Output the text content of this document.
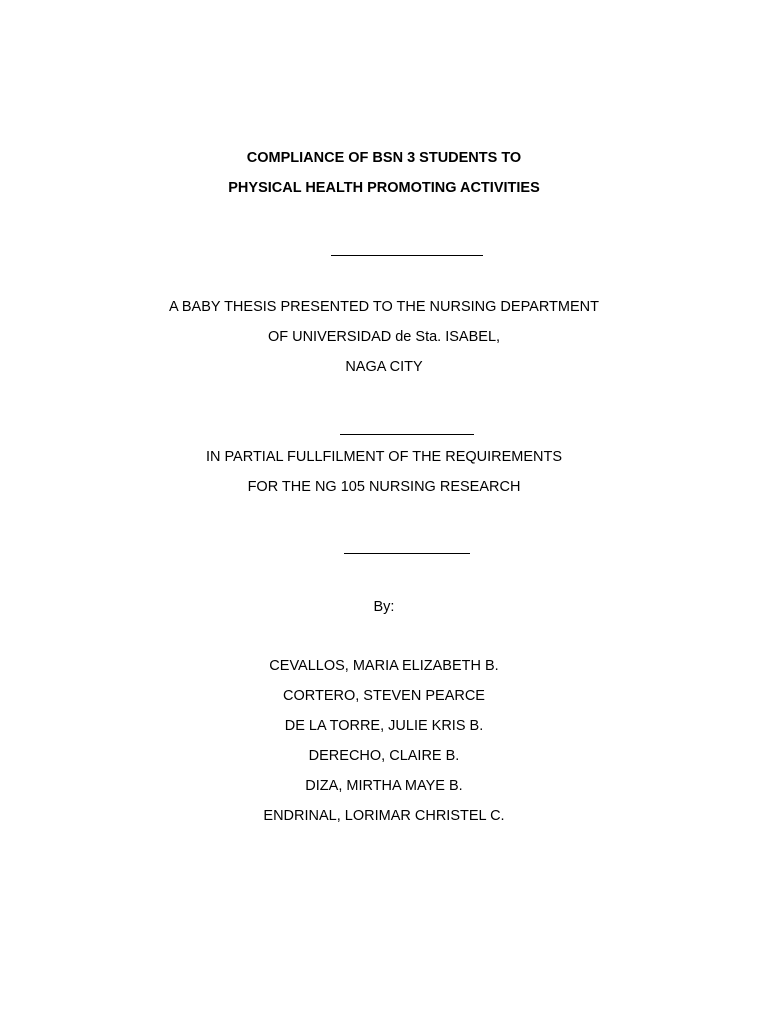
COMPLIANCE OF BSN 3 STUDENTS TO
PHYSICAL HEALTH PROMOTING ACTIVITIES
A BABY THESIS PRESENTED TO THE NURSING DEPARTMENT
OF UNIVERSIDAD de Sta. ISABEL,
NAGA CITY
IN PARTIAL FULLFILMENT OF THE REQUIREMENTS
FOR THE NG 105 NURSING RESEARCH
By:
CEVALLOS, MARIA ELIZABETH B.
CORTERO, STEVEN PEARCE
DE LA TORRE, JULIE KRIS B.
DERECHO, CLAIRE B.
DIZA, MIRTHA MAYE B.
ENDRINAL, LORIMAR CHRISTEL C.
